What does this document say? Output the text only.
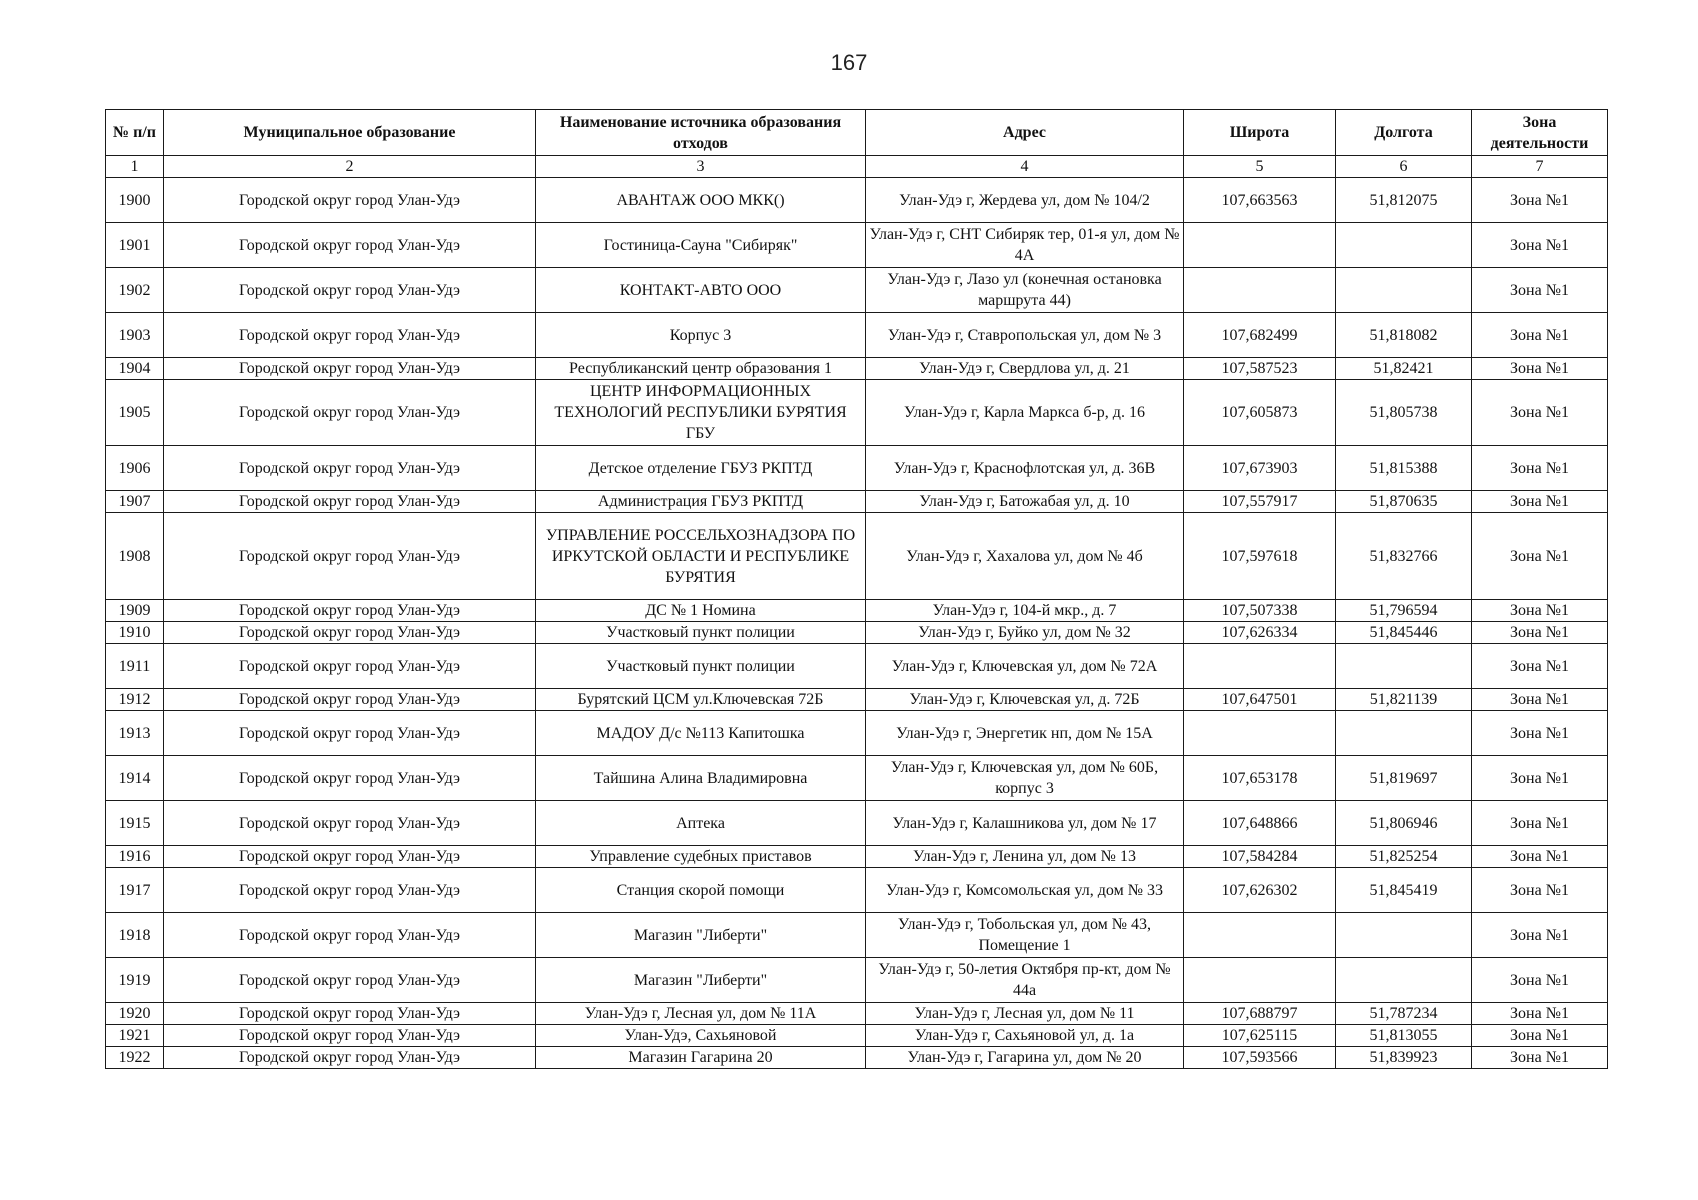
167
№ п/п	Муниципальное образование	Наименование источника образования отходов	Адрес	Широта	Долгота	Зона деятельности
1	2	3	4	5	6	7
1900	Городской округ город Улан-Удэ	АВАНТАЖ ООО МКК()	Улан-Удэ г, Жердева ул, дом № 104/2	107,663563	51,812075	Зона №1
1901	Городской округ город Улан-Удэ	Гостиница-Сауна "Сибиряк"	Улан-Удэ г, СНТ Сибиряк тер, 01-я ул, дом № 4А			Зона №1
1902	Городской округ город Улан-Удэ	КОНТАКТ-АВТО ООО	Улан-Удэ г, Лазо ул (конечная остановка маршрута 44)			Зона №1
1903	Городской округ город Улан-Удэ	Корпус 3	Улан-Удэ г, Ставропольская ул, дом № 3	107,682499	51,818082	Зона №1
1904	Городской округ город Улан-Удэ	Республиканский центр образования 1	Улан-Удэ г, Свердлова ул, д. 21	107,587523	51,82421	Зона №1
1905	Городской округ город Улан-Удэ	ЦЕНТР ИНФОРМАЦИОННЫХ ТЕХНОЛОГИЙ РЕСПУБЛИКИ БУРЯТИЯ ГБУ	Улан-Удэ г, Карла Маркса б-р, д. 16	107,605873	51,805738	Зона №1
1906	Городской округ город Улан-Удэ	Детское отделение ГБУЗ РКПТД	Улан-Удэ г, Краснофлотская ул, д. 36В	107,673903	51,815388	Зона №1
1907	Городской округ город Улан-Удэ	Администрация ГБУЗ РКПТД	Улан-Удэ г, Батожабая ул, д. 10	107,557917	51,870635	Зона №1
1908	Городской округ город Улан-Удэ	УПРАВЛЕНИЕ РОССЕЛЬХОЗНАДЗОРА ПО ИРКУТСКОЙ ОБЛАСТИ И РЕСПУБЛИКЕ БУРЯТИЯ	Улан-Удэ г, Хахалова ул, дом № 4б	107,597618	51,832766	Зона №1
1909	Городской округ город Улан-Удэ	ДС № 1 Номина	Улан-Удэ г, 104-й мкр., д. 7	107,507338	51,796594	Зона №1
1910	Городской округ город Улан-Удэ	Участковый пункт полиции	Улан-Удэ г, Буйко ул, дом № 32	107,626334	51,845446	Зона №1
1911	Городской округ город Улан-Удэ	Участковый пункт полиции	Улан-Удэ г, Ключевская ул, дом № 72А			Зона №1
1912	Городской округ город Улан-Удэ	Бурятский ЦСМ ул.Ключевская 72Б	Улан-Удэ г, Ключевская ул, д. 72Б	107,647501	51,821139	Зона №1
1913	Городской округ город Улан-Удэ	МАДОУ Д/с №113 Капитошка	Улан-Удэ г, Энергетик нп, дом № 15А			Зона №1
1914	Городской округ город Улан-Удэ	Тайшина Алина Владимировна	Улан-Удэ г, Ключевская ул, дом № 60Б, корпус 3	107,653178	51,819697	Зона №1
1915	Городской округ город Улан-Удэ	Аптека	Улан-Удэ г, Калашникова ул, дом № 17	107,648866	51,806946	Зона №1
1916	Городской округ город Улан-Удэ	Управление судебных приставов	Улан-Удэ г, Ленина ул, дом № 13	107,584284	51,825254	Зона №1
1917	Городской округ город Улан-Удэ	Станция скорой помощи	Улан-Удэ г, Комсомольская ул, дом № 33	107,626302	51,845419	Зона №1
1918	Городской округ город Улан-Удэ	Магазин "Либерти"	Улан-Удэ г, Тобольская ул, дом № 43, Помещение 1			Зона №1
1919	Городской округ город Улан-Удэ	Магазин "Либерти"	Улан-Удэ г, 50-летия Октября пр-кт, дом № 44а			Зона №1
1920	Городской округ город Улан-Удэ	Улан-Удэ г, Лесная ул, дом № 11А	Улан-Удэ г, Лесная ул, дом № 11	107,688797	51,787234	Зона №1
1921	Городской округ город Улан-Удэ	Улан-Удэ, Сахьяновой	Улан-Удэ г, Сахьяновой ул, д. 1а	107,625115	51,813055	Зона №1
1922	Городской округ город Улан-Удэ	Магазин Гагарина 20	Улан-Удэ г, Гагарина ул, дом № 20	107,593566	51,839923	Зона №1
